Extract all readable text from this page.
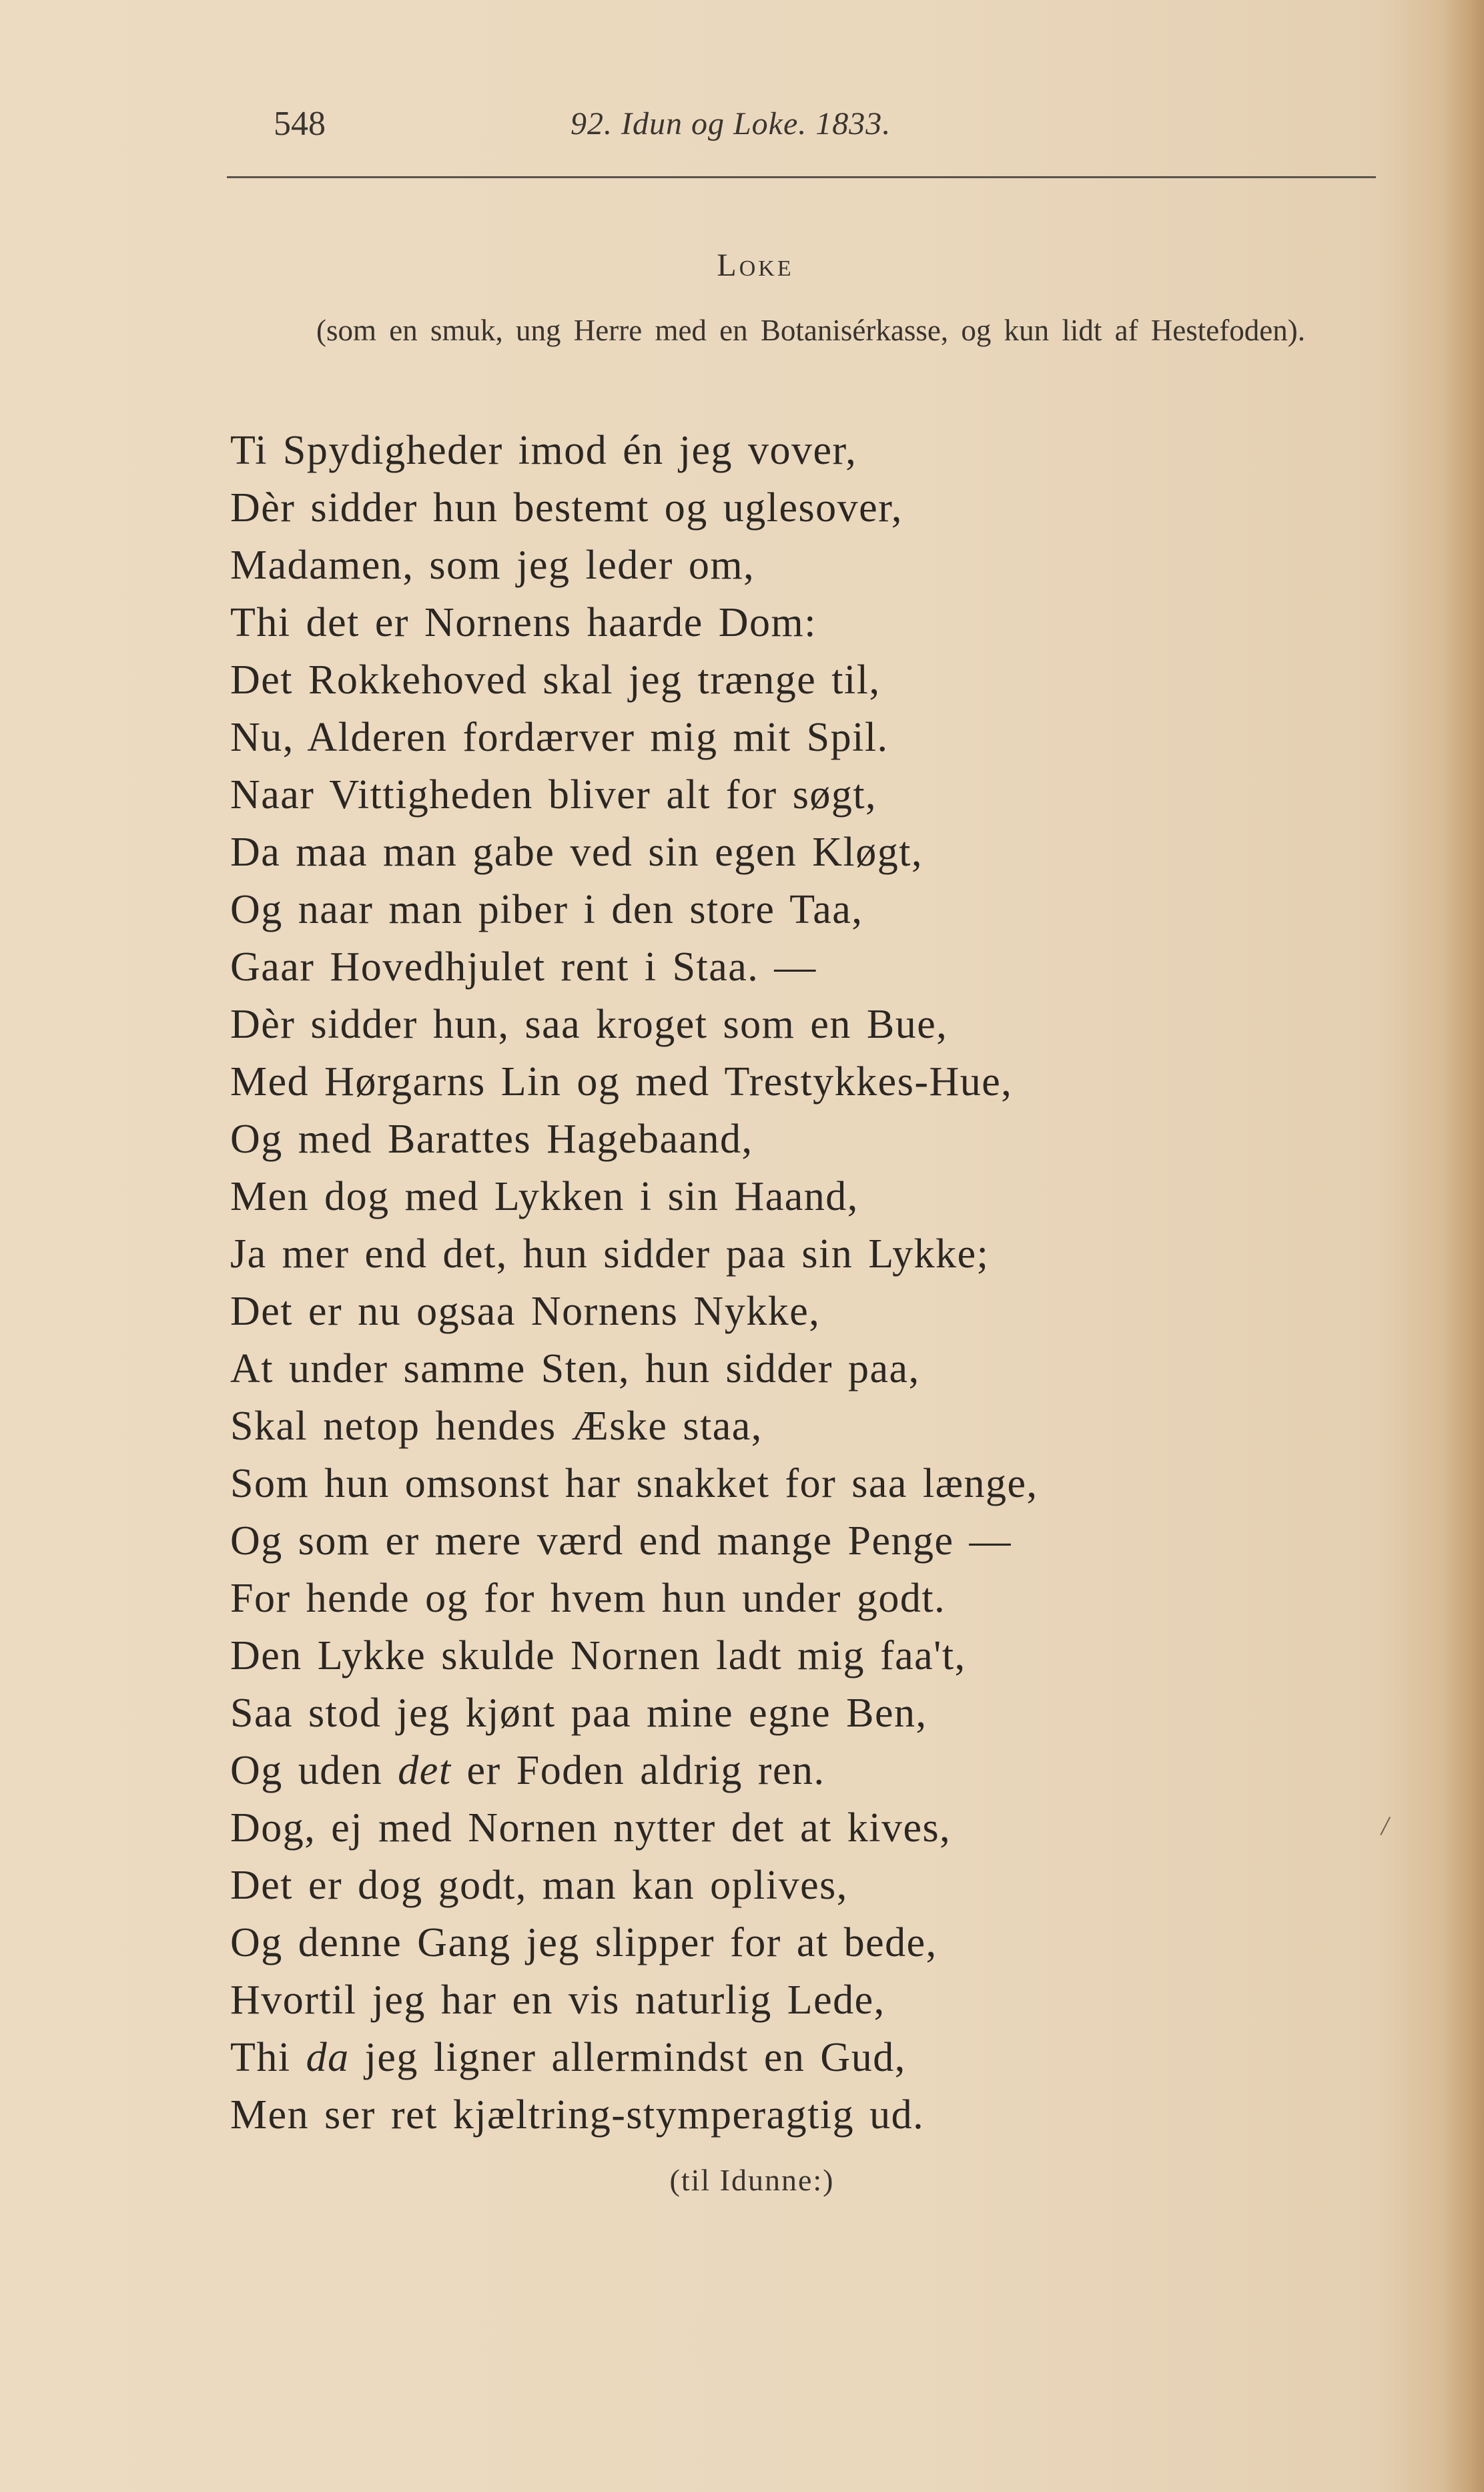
548	92. Idun og Loke. 1833.
Loke
(som en smuk, ung Herre med en Botanisérkasse, og kun lidt af Hestefoden).
Ti Spydigheder imod én jeg vover,
Dèr sidder hun bestemt og uglesover,
Madamen, som jeg leder om,
Thi det er Nornens haarde Dom:
Det Rokkehoved skal jeg trænge til,
Nu, Alderen fordærver mig mit Spil.
Naar Vittigheden bliver alt for søgt,
Da maa man gabe ved sin egen Kløgt,
Og naar man piber i den store Taa,
Gaar Hovedhjulet rent i Staa. —
Dèr sidder hun, saa kroget som en Bue,
Med Hørgarns Lin og med Trestykkes-Hue,
Og med Barattes Hagebaand,
Men dog med Lykken i sin Haand,
Ja mer end det, hun sidder paa sin Lykke;
Det er nu ogsaa Nornens Nykke,
At under samme Sten, hun sidder paa,
Skal netop hendes Æske staa,
Som hun omsonst har snakket for saa længe,
Og som er mere værd end mange Penge —
For hende og for hvem hun under godt.
Den Lykke skulde Nornen ladt mig faa't,
Saa stod jeg kjønt paa mine egne Ben,
Og uden det er Foden aldrig ren.
Dog, ej med Nornen nytter det at kives,
Det er dog godt, man kan oplives,
Og denne Gang jeg slipper for at bede,
Hvortil jeg har en vis naturlig Lede,
Thi da jeg ligner allermindst en Gud,
Men ser ret kjæltring-stymperagtig ud.
(til Idunne:)
/
